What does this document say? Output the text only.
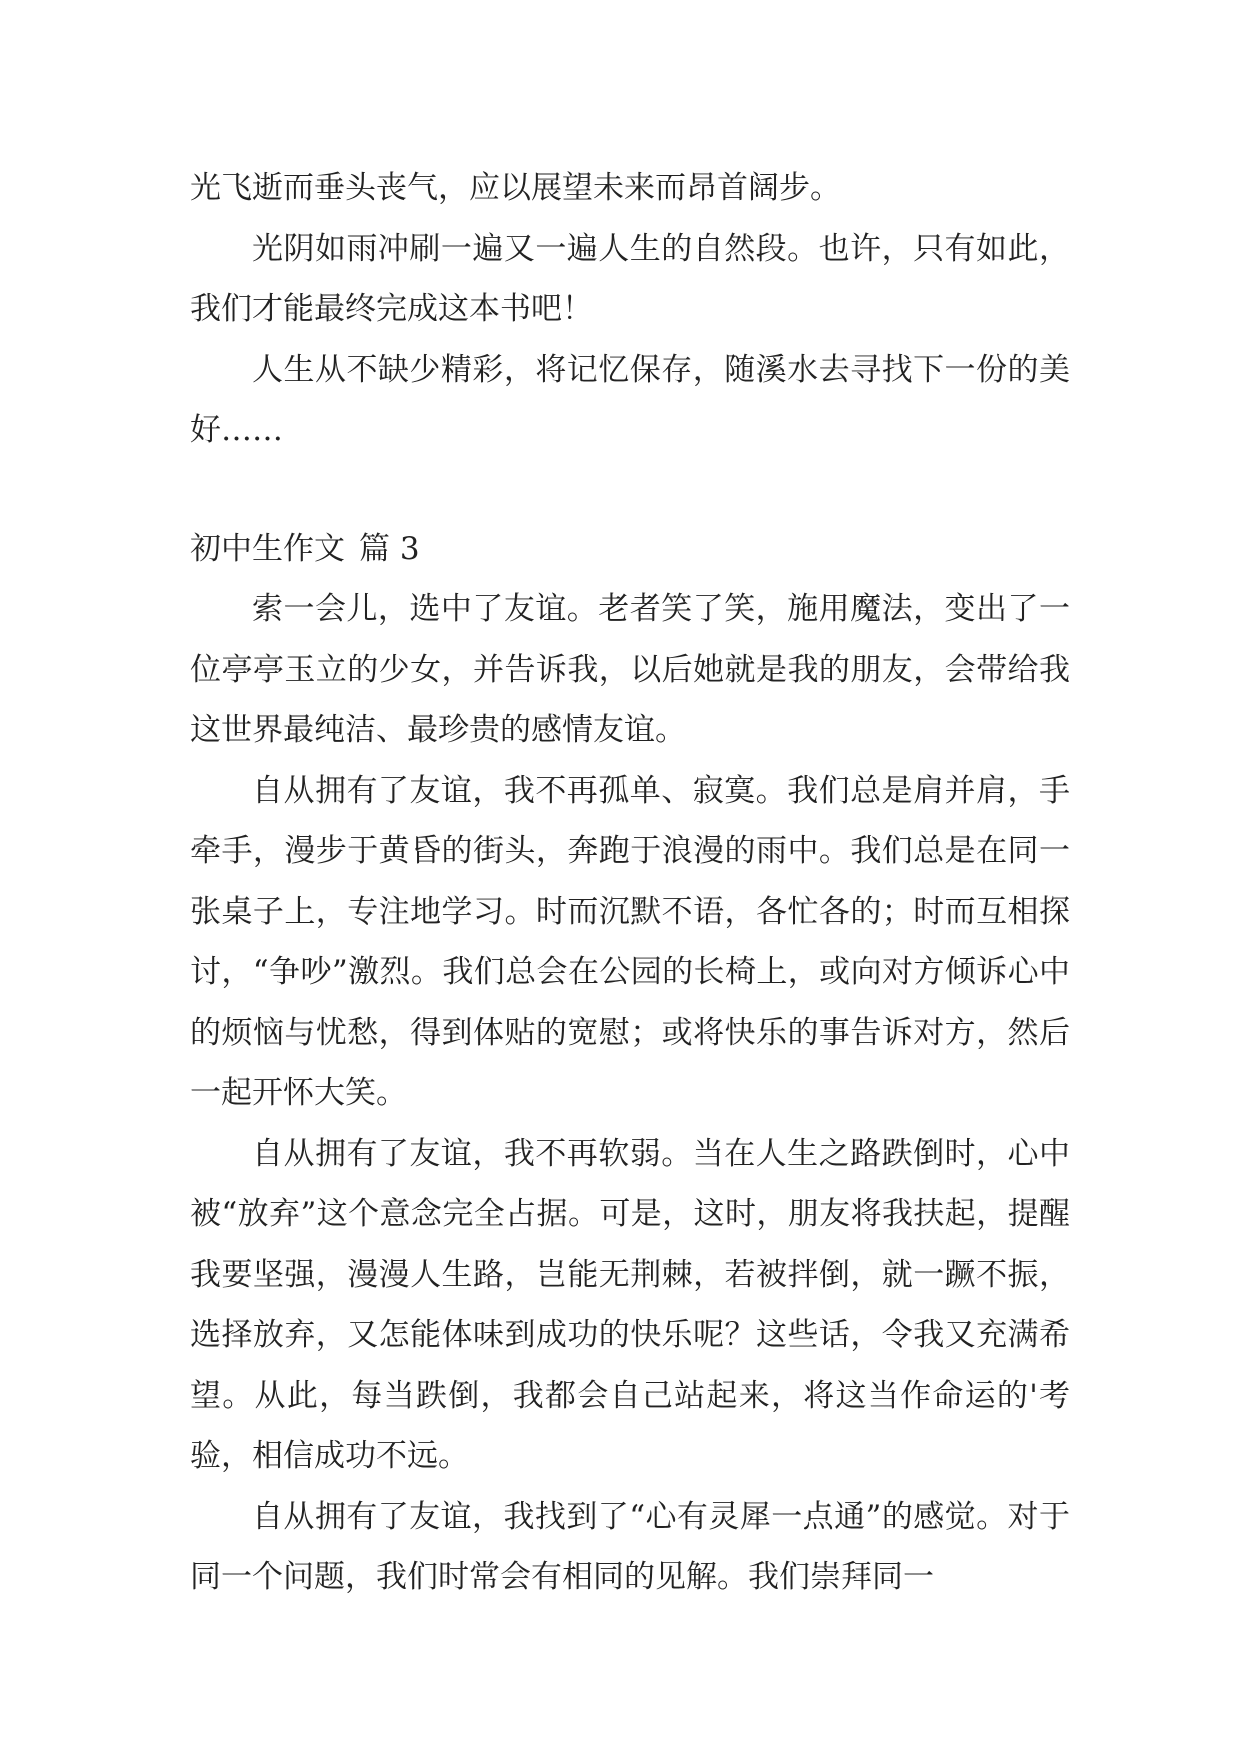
光飞逝而垂头丧气，应以展望未来而昂首阔步。

光阴如雨冲刷一遍又一遍人生的自然段。也许，只有如此，我们才能最终完成这本书吧！

人生从不缺少精彩，将记忆保存，随溪水去寻找下一份的美好……

初中生作文 篇 3

索一会儿，选中了友谊。老者笑了笑，施用魔法，变出了一位亭亭玉立的少女，并告诉我，以后她就是我的朋友，会带给我这世界最纯洁、最珍贵的感情友谊。

自从拥有了友谊，我不再孤单、寂寞。我们总是肩并肩，手牵手，漫步于黄昏的街头，奔跑于浪漫的雨中。我们总是在同一张桌子上，专注地学习。时而沉默不语，各忙各的；时而互相探讨，“争吵”激烈。我们总会在公园的长椅上，或向对方倾诉心中的烦恼与忧愁，得到体贴的宽慰；或将快乐的事告诉对方，然后一起开怀大笑。

自从拥有了友谊，我不再软弱。当在人生之路跌倒时，心中被“放弃”这个意念完全占据。可是，这时，朋友将我扶起，提醒我要坚强，漫漫人生路，岂能无荆棘，若被拌倒，就一蹶不振，选择放弃，又怎能体味到成功的快乐呢？这些话，令我又充满希望。从此，每当跌倒，我都会自己站起来，将这当作命运的'考验，相信成功不远。

自从拥有了友谊，我找到了“心有灵犀一点通”的感觉。对于同一个问题，我们时常会有相同的见解。我们崇拜同一
